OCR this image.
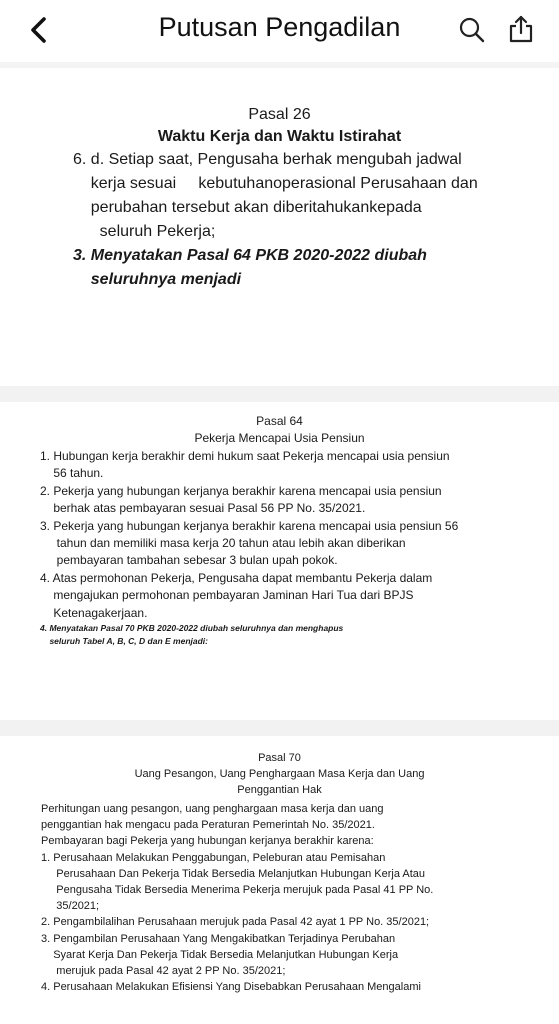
Putusan Pengadilan
Pasal 26
Waktu Kerja dan Waktu Istirahat
6. d. Setiap saat, Pengusaha berhak mengubah jadwal
kerja sesuai     kebutuhanoperasional Perusahaan dan
perubahan tersebut akan diberitahukankepada
seluruh Pekerja;
3. Menyatakan Pasal 64 PKB 2020-2022 diubah
seluruhnya menjadi
Pasal 64
Pekerja Mencapai Usia Pensiun
1. Hubungan kerja berakhir demi hukum saat Pekerja mencapai usia pensiun
56 tahun.
2. Pekerja yang hubungan kerjanya berakhir karena mencapai usia pensiun
berhak atas pembayaran sesuai Pasal 56 PP No. 35/2021.
3. Pekerja yang hubungan kerjanya berakhir karena mencapai usia pensiun 56
tahun dan memiliki masa kerja 20 tahun atau lebih akan diberikan
pembayaran tambahan sebesar 3 bulan upah pokok.
4. Atas permohonan Pekerja, Pengusaha dapat membantu Pekerja dalam
mengajukan permohonan pembayaran Jaminan Hari Tua dari BPJS
Ketenagakerjaan.
4. Menyatakan Pasal 70 PKB 2020-2022 diubah seluruhnya dan menghapus
seluruh Tabel A, B, C, D dan E menjadi:
Pasal 70
Uang Pesangon, Uang Penghargaan Masa Kerja dan Uang
Penggantian Hak
Perhitungan uang pesangon, uang penghargaan masa kerja dan uang
penggantian hak mengacu pada Peraturan Pemerintah No. 35/2021.
Pembayaran bagi Pekerja yang hubungan kerjanya berakhir karena:
1. Perusahaan Melakukan Penggabungan, Peleburan atau Pemisahan
Perusahaan Dan Pekerja Tidak Bersedia Melanjutkan Hubungan Kerja Atau
Pengusaha Tidak Bersedia Menerima Pekerja merujuk pada Pasal 41 PP No.
35/2021;
2. Pengambilalihan Perusahaan merujuk pada Pasal 42 ayat 1 PP No. 35/2021;
3. Pengambilan Perusahaan Yang Mengakibatkan Terjadinya Perubahan
Syarat Kerja Dan Pekerja Tidak Bersedia Melanjutkan Hubungan Kerja
merujuk pada Pasal 42 ayat 2 PP No. 35/2021;
4. Perusahaan Melakukan Efisiensi Yang Disebabkan Perusahaan Mengalami
